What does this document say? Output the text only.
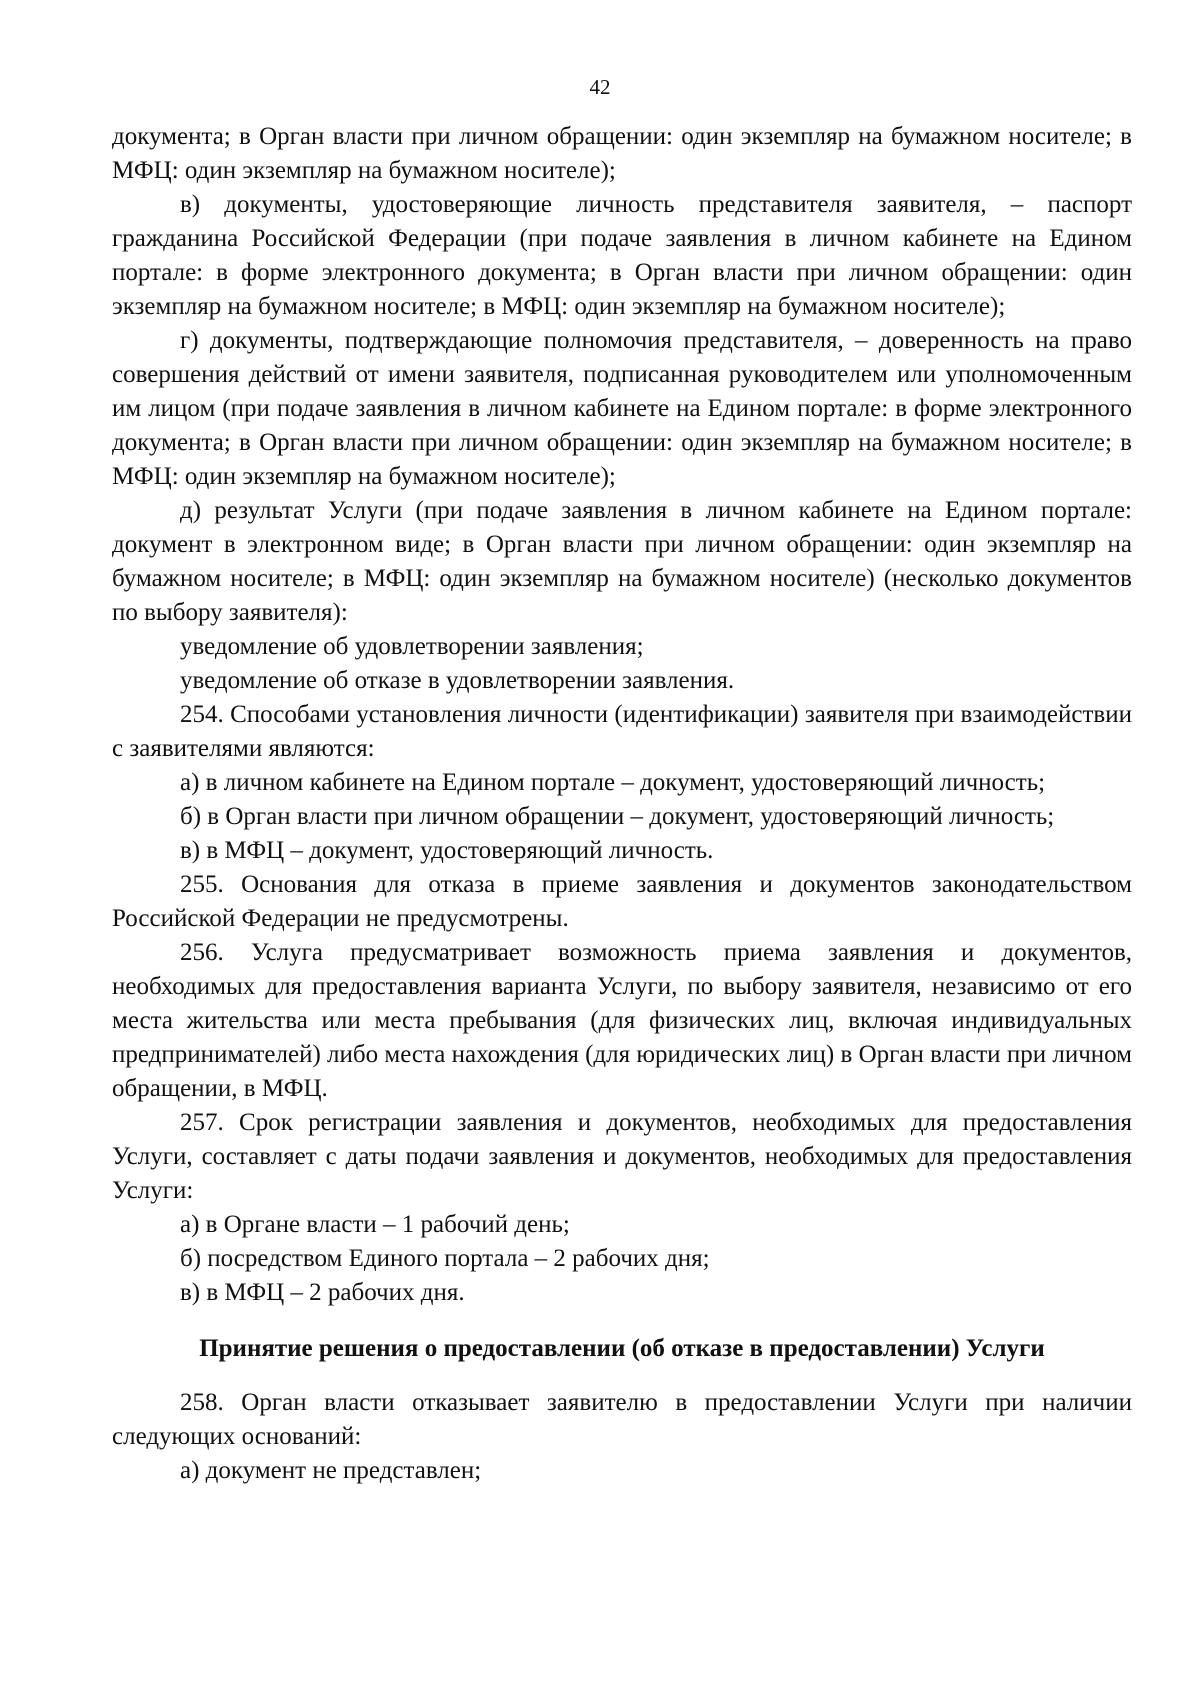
42

документа; в Орган власти при личном обращении: один экземпляр на бумажном носителе; в МФЦ: один экземпляр на бумажном носителе);

в) документы, удостоверяющие личность представителя заявителя, – паспорт гражданина Российской Федерации (при подаче заявления в личном кабинете на Едином портале: в форме электронного документа; в Орган власти при личном обращении: один экземпляр на бумажном носителе; в МФЦ: один экземпляр на бумажном носителе);

г) документы, подтверждающие полномочия представителя, – доверенность на право совершения действий от имени заявителя, подписанная руководителем или уполномоченным им лицом (при подаче заявления в личном кабинете на Едином портале: в форме электронного документа; в Орган власти при личном обращении: один экземпляр на бумажном носителе; в МФЦ: один экземпляр на бумажном носителе);

д) результат Услуги (при подаче заявления в личном кабинете на Едином портале: документ в электронном виде; в Орган власти при личном обращении: один экземпляр на бумажном носителе; в МФЦ: один экземпляр на бумажном носителе) (несколько документов по выбору заявителя):

уведомление об удовлетворении заявления;

уведомление об отказе в удовлетворении заявления.

254. Способами установления личности (идентификации) заявителя при взаимодействии с заявителями являются:

а) в личном кабинете на Едином портале – документ, удостоверяющий личность;

б) в Орган власти при личном обращении – документ, удостоверяющий личность;

в) в МФЦ – документ, удостоверяющий личность.

255. Основания для отказа в приеме заявления и документов законодательством Российской Федерации не предусмотрены.

256. Услуга предусматривает возможность приема заявления и документов, необходимых для предоставления варианта Услуги, по выбору заявителя, независимо от его места жительства или места пребывания (для физических лиц, включая индивидуальных предпринимателей) либо места нахождения (для юридических лиц) в Орган власти при личном обращении, в МФЦ.

257. Срок регистрации заявления и документов, необходимых для предоставления Услуги, составляет с даты подачи заявления и документов, необходимых для предоставления Услуги:

а) в Органе власти – 1 рабочий день;

б) посредством Единого портала – 2 рабочих дня;

в) в МФЦ – 2 рабочих дня.

Принятие решения о предоставлении (об отказе в предоставлении) Услуги

258. Орган власти отказывает заявителю в предоставлении Услуги при наличии следующих оснований:

а) документ не представлен;
